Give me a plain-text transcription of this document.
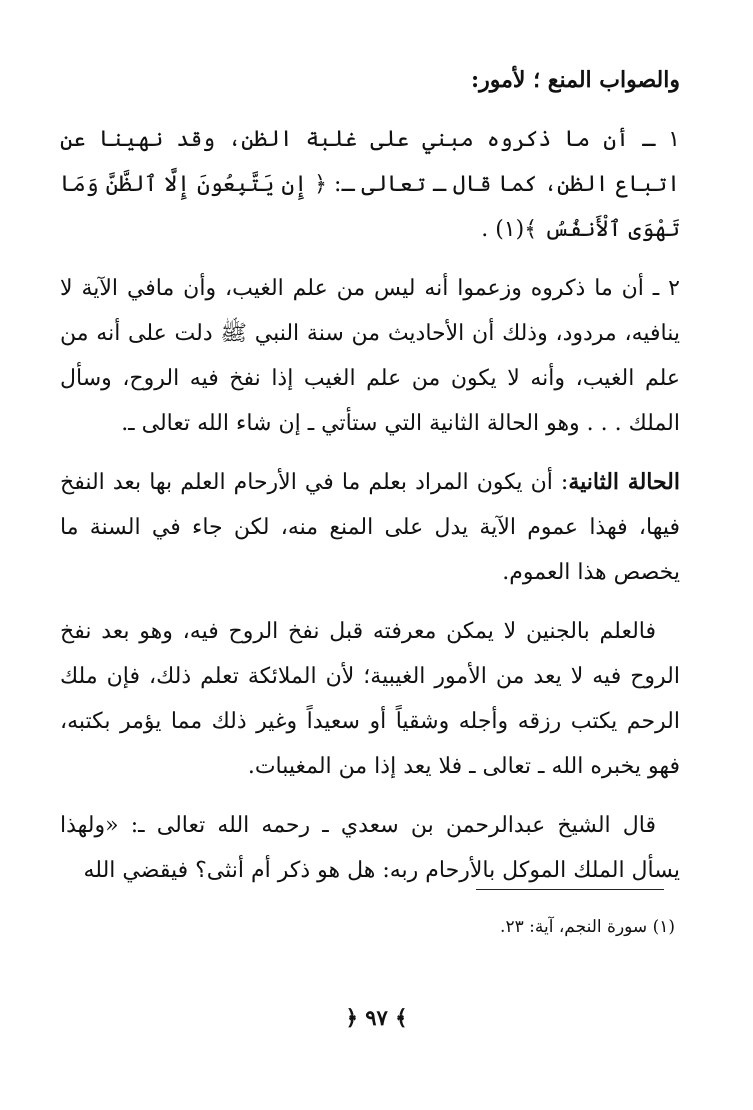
والصواب المنع ؛ لأمور:
١ ـ أن ما ذكروه مبني على غلبة الظن، وقد نهينا عن اتباع الظن، كما قال ـ تعالى ـ: ﴿ إِن يَتَّبِعُونَ إِلَّا ٱلظَّنَّ وَمَا تَهْوَى ٱلْأَنفُسُ ﴾(١) .
٢ ـ أن ما ذكروه وزعموا أنه ليس من علم الغيب، وأن مافي الآية لا ينافيه، مردود، وذلك أن الأحاديث من سنة النبي ﷺ دلت على أنه من علم الغيب، وأنه لا يكون من علم الغيب إذا نفخ فيه الروح، وسأل الملك . . . وهو الحالة الثانية التي ستأتي ـ إن شاء الله تعالى ـ.
الحالة الثانية: أن يكون المراد بعلم ما في الأرحام العلم بها بعد النفخ فيها، فهذا عموم الآية يدل على المنع منه، لكن جاء في السنة ما يخصص هذا العموم.
فالعلم بالجنين لا يمكن معرفته قبل نفخ الروح فيه، وهو بعد نفخ الروح فيه لا يعد من الأمور الغيبية؛ لأن الملائكة تعلم ذلك، فإن ملك الرحم يكتب رزقه وأجله وشقياً أو سعيداً وغير ذلك مما يؤمر بكتبه، فهو يخبره الله ـ تعالى ـ فلا يعد إذا من المغيبات.
قال الشيخ عبدالرحمن بن سعدي ـ رحمه الله تعالى ـ: «ولهذا يسأل الملك الموكل بالأرحام ربه: هل هو ذكر أم أنثى؟ فيقضي الله
(١) سورة النجم، آية: ٢٣.
﴿ ٩٧ ﴾
